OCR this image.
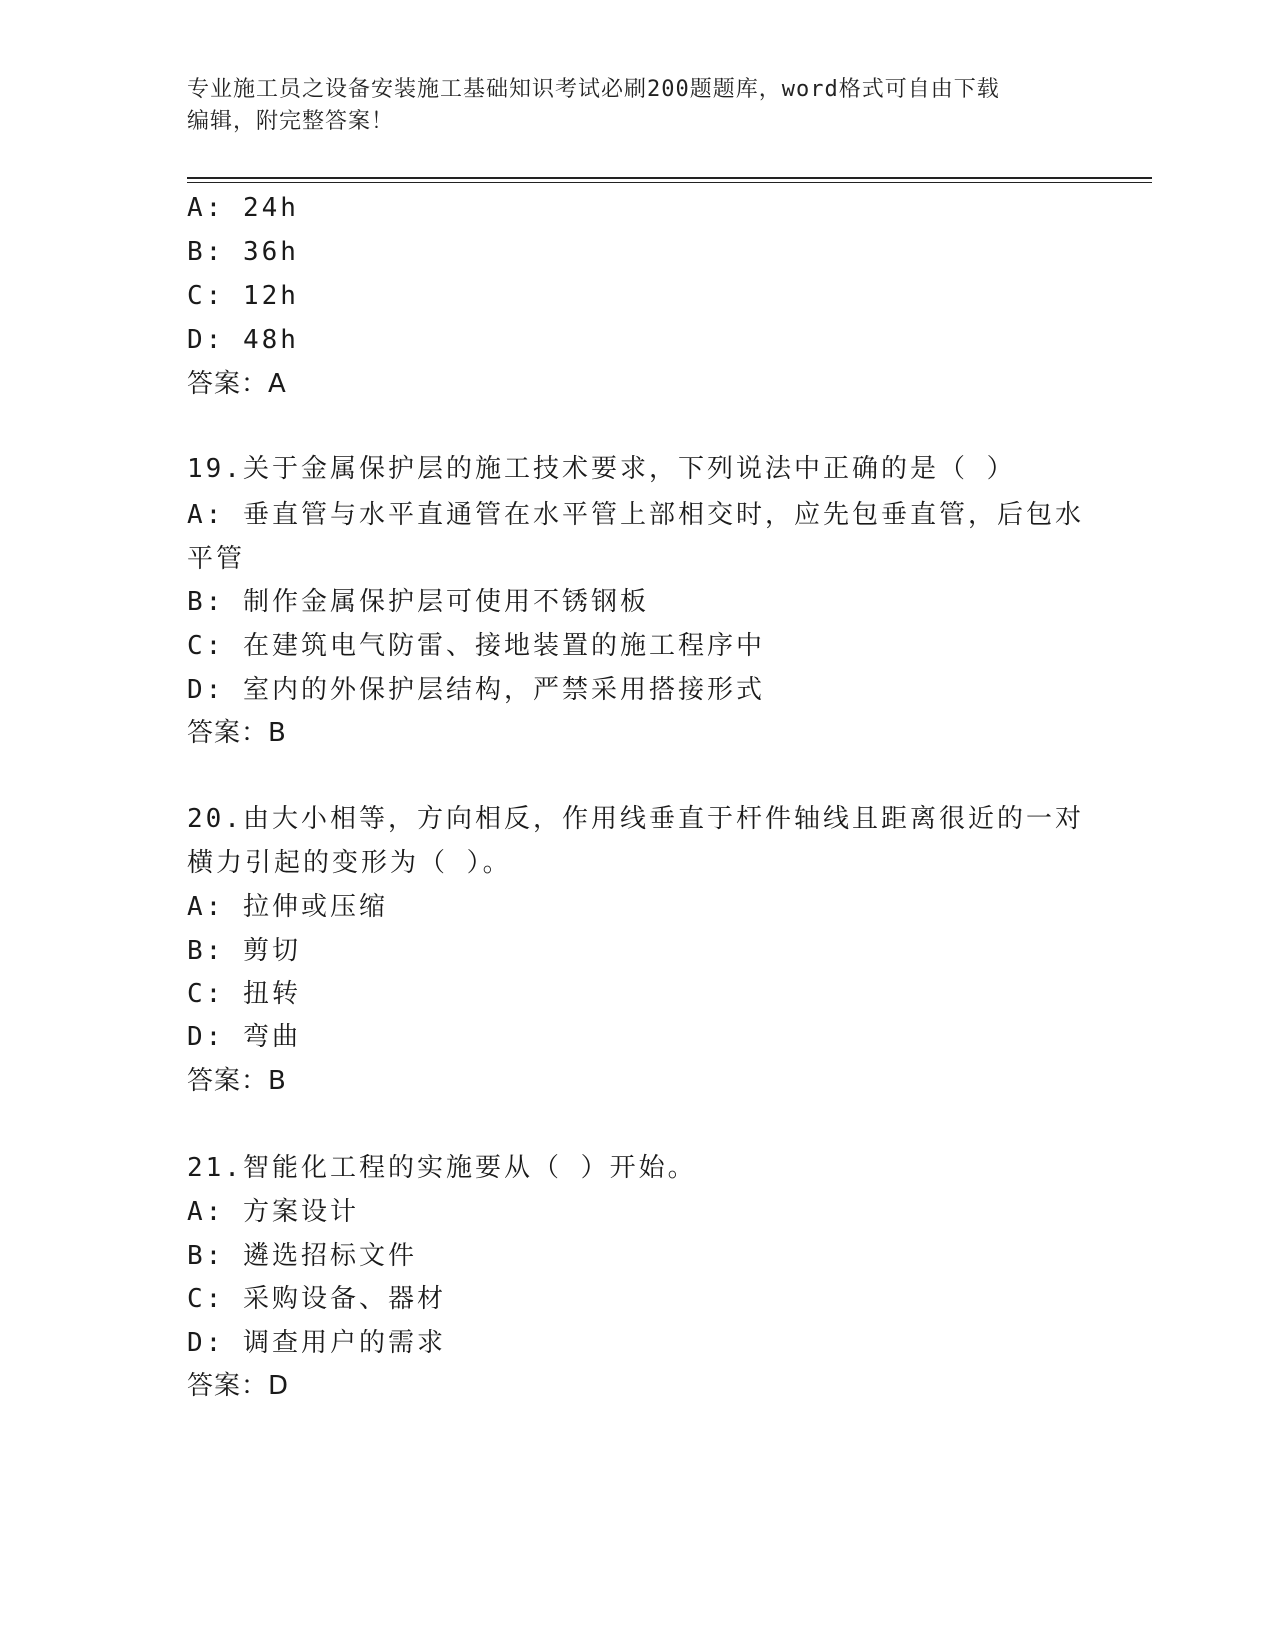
专业施工员之设备安装施工基础知识考试必刷200题题库，word格式可自由下载
编辑，附完整答案！
A: 24h
B: 36h
C: 12h
D: 48h
答案：A
19.关于金属保护层的施工技术要求，下列说法中正确的是（ ）
A: 垂直管与水平直通管在水平管上部相交时，应先包垂直管，后包水
平管
B: 制作金属保护层可使用不锈钢板
C: 在建筑电气防雷、接地装置的施工程序中
D: 室内的外保护层结构，严禁采用搭接形式
答案：B
20.由大小相等，方向相反，作用线垂直于杆件轴线且距离很近的一对
横力引起的变形为（ ）。
A: 拉伸或压缩
B: 剪切
C: 扭转
D: 弯曲
答案：B
21.智能化工程的实施要从（ ）开始。
A: 方案设计
B: 遴选招标文件
C: 采购设备、器材
D: 调查用户的需求
答案：D
